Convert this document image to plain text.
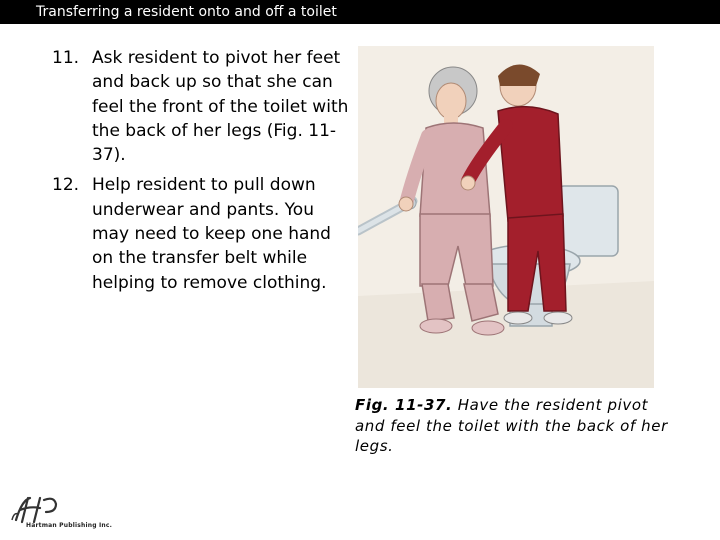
Transferring a resident onto and off a toilet
11. Ask resident to pivot her feet and back up so that she can feel the front of the toilet with the back of her legs (Fig. 11-37).
12. Help resident to pull down underwear and pants. You may need to keep one hand on the transfer belt while helping to remove clothing.
Fig. 11-37. Have the resident pivot and feel the toilet with the back of her legs.
Hartman Publishing Inc.
